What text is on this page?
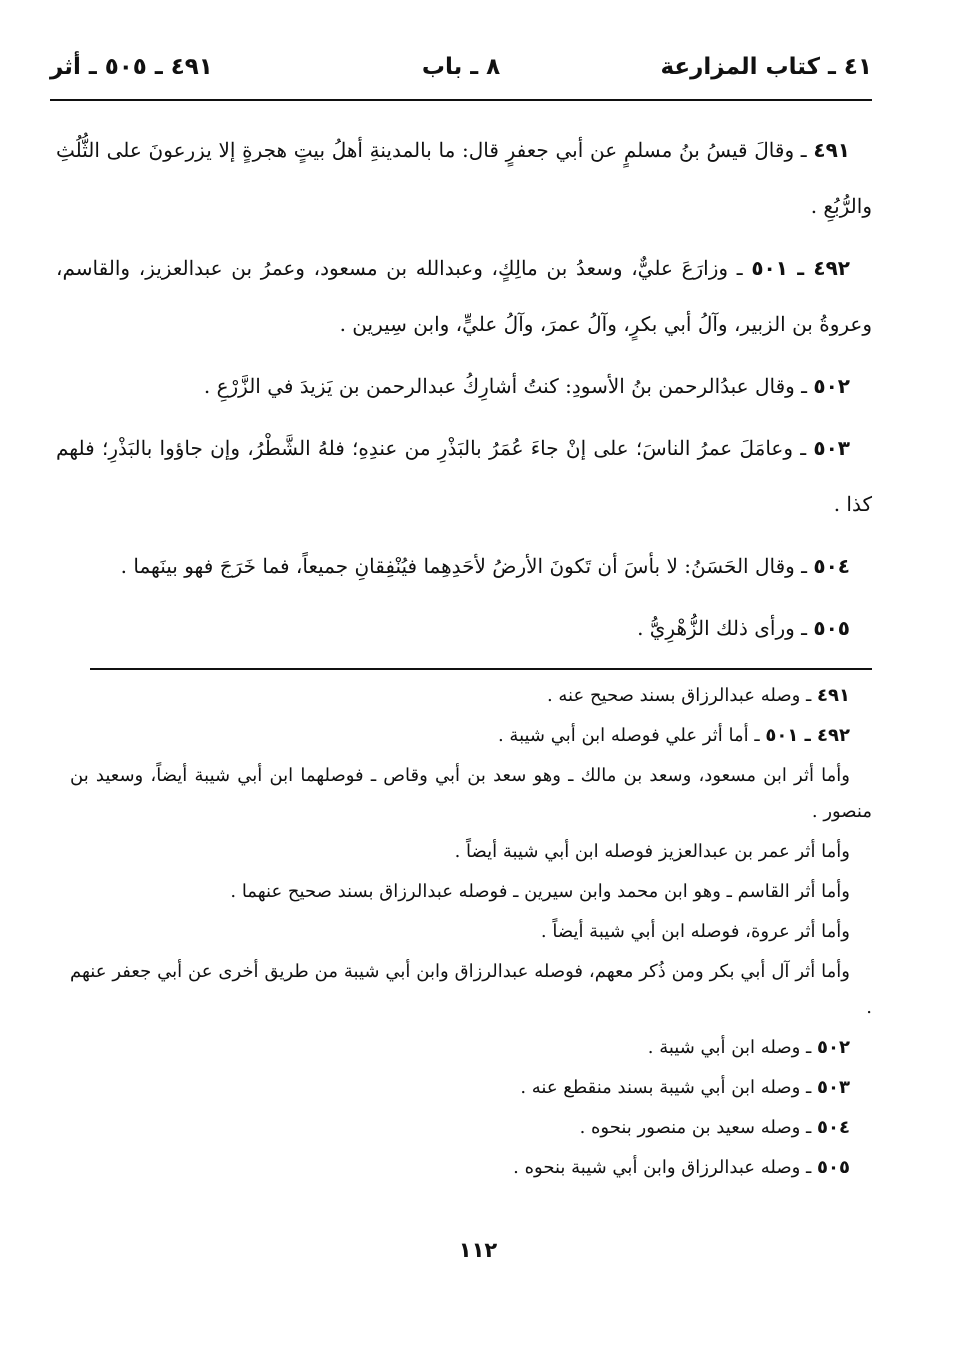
٤١ ـ كتاب المزارعة
٨ ـ باب
٤٩١ ـ ٥٠٥ ـ أثر

٤٩١ ـ وقالَ قيسُ بنُ مسلمٍ عن أبي جعفرٍ قال: ما بالمدينةِ أهلُ بيتٍ هجرةٍ إلا يزرعونَ على الثُّلُثِ والرُّبُعِ .

٤٩٢ ـ ٥٠١ ـ وزارَعَ عليٌّ، وسعدُ بن مالِكٍ، وعبدالله بن مسعود، وعمرُ بن عبدالعزيز، والقاسم، وعروةُ بن الزبير، وآلُ أبي بكرٍ، وآلُ عمرَ، وآلُ عليٍّ، وابن سِيرين .

٥٠٢ ـ وقال عبدُالرحمن بنُ الأسودِ: كنتُ أشارِكُ عبدالرحمن بن يَزيدَ في الزَّرْعِ .

٥٠٣ ـ وعامَلَ عمرُ الناسَ؛ على إنْ جاءَ عُمَرُ بالبَذْرِ من عندِهِ؛ فلهُ الشَّطْرُ، وإن جاؤوا بالبَذْرِ؛ فلهم كذا .

٥٠٤ ـ وقال الحَسَنُ: لا بأسَ أن تَكونَ الأرضُ لأحَدِهِما فيُنْفِقانِ جميعاً، فما خَرَجَ فهو بينَهما .

٥٠٥ ـ ورأى ذلك الزُّهْرِيُّ .

٤٩١ ـ وصله عبدالرزاق بسند صحيح عنه .

٤٩٢ ـ ٥٠١ ـ أما أثر علي فوصله ابن أبي شيبة .

وأما أثر ابن مسعود، وسعد بن مالك ـ وهو سعد بن أبي وقاص ـ فوصلهما ابن أبي شيبة أيضاً، وسعيد بن منصور .

وأما أثر عمر بن عبدالعزيز فوصله ابن أبي شيبة أيضاً .

وأما أثر القاسم ـ وهو ابن محمد وابن سيرين ـ فوصله عبدالرزاق بسند صحيح عنهما .

وأما أثر عروة، فوصله ابن أبي شيبة أيضاً .

وأما أثر آل أبي بكر ومن ذُكر معهم، فوصله عبدالرزاق وابن أبي شيبة من طريق أخرى عن أبي جعفر عنهم .

٥٠٢ ـ وصله ابن أبي شيبة .

٥٠٣ ـ وصله ابن أبي شيبة بسند منقطع عنه .

٥٠٤ ـ وصله سعيد بن منصور بنحوه .

٥٠٥ ـ وصله عبدالرزاق وابن أبي شيبة بنحوه .

١١٢
